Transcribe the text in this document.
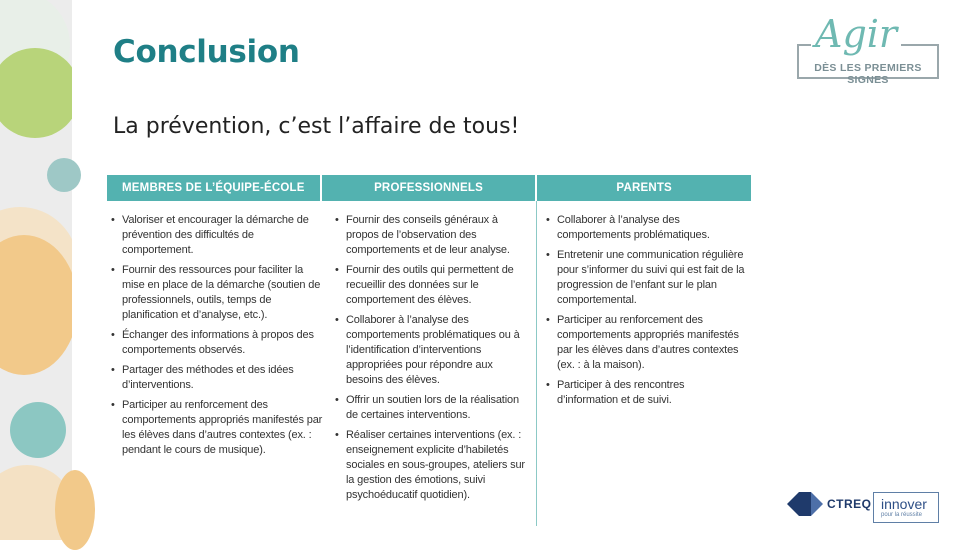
Conclusion
La prévention, c’est l’affaire de tous!
Agir
DÈS LES PREMIERS SIGNES
MEMBRES DE L’ÉQUIPE-ÉCOLE	PROFESSIONNELS	PARENTS
• Valoriser et encourager la démarche de prévention des difficultés de comportement.
• Fournir des ressources pour faciliter la mise en place de la démarche (soutien de professionnels, outils, temps de planification et d’analyse, etc.).
• Échanger des informations à propos des comportements observés.
• Partager des méthodes et des idées d’interventions.
• Participer au renforcement des comportements appropriés manifestés par les élèves dans d’autres contextes (ex. : pendant le cours de musique).
• Fournir des conseils généraux à propos de l’observation des comportements et de leur analyse.
• Fournir des outils qui permettent de recueillir des données sur le comportement des élèves.
• Collaborer à l’analyse des comportements problématiques ou à l’identification d’interventions appropriées pour répondre aux besoins des élèves.
• Offrir un soutien lors de la réalisation de certaines interventions.
• Réaliser certaines interventions (ex. : enseignement explicite d’habiletés sociales en sous-groupes, ateliers sur la gestion des émotions, suivi psychoéducatif quotidien).
• Collaborer à l’analyse des comportements problématiques.
• Entretenir une communication régulière pour s’informer du suivi qui est fait de la progression de l’enfant sur le plan comportemental.
• Participer au renforcement des comportements appropriés manifestés par les élèves dans d’autres contextes (ex. : à la maison).
• Participer à des rencontres d’information et de suivi.
CTREQ innover
pour la réussite
